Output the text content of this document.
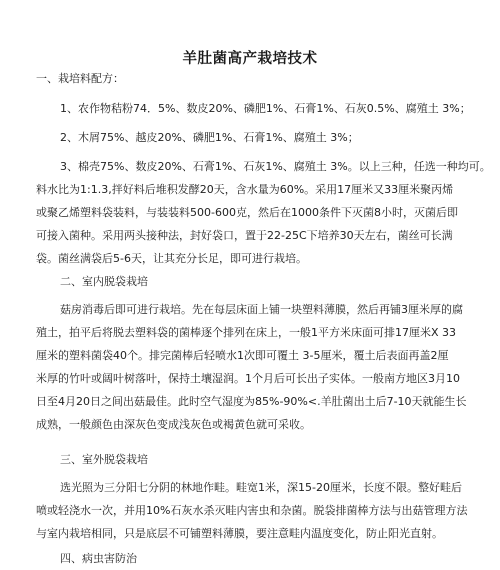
羊肚菌高产栽培技术
一、栽培料配方：
1、农作物秸粉74．5%、数皮20%、磷肥1%、石膏1%、石灰0.5%、腐殖土 3%；
2、木屑75%、越皮20%、磷肥1%、石膏1%、腐殖土 3%；
3、棉壳75%、数皮20%、石膏1%、石灰1%、腐殖土 3%。以上三种，任选一种均可。
料水比为1:1.3,拌好料后堆积发酵20天，含水量为60%。采用17厘米又33厘米聚丙烯
或聚乙烯塑料袋装料，与装装料500-600克，然后在1000条件下灭菌8小时，灭菌后即
可接入菌种。采用两头接种法，封好袋口，置于22-25C下培养30天左右，菌丝可长满
袋。菌丝满袋后5-6天，让其充分长足，即可进行栽培。
二、室内脱袋栽培
菇房消毒后即可进行栽培。先在每层床面上铺一块塑料薄膜，然后再铺3厘米厚的腐
殖土，拍平后将脱去塑料袋的菌棒逐个排列在床上，一般1平方米床面可排17厘米X 33
厘米的塑料菌袋40个。排完菌棒后轻喷水1次即可覆土 3-5厘米，覆土后表面再盖2厘
米厚的竹叶或阔叶树落叶，保持土壤湿润。1个月后可长出子实体。一般南方地区3月10
日至4月20日之间出菇最佳。此时空气湿度为85%-90%<.羊肚菌出土后7-10天就能生长
成熟，一般颜色由深灰色变成浅灰色或褐黄色就可采收。
三、室外脱袋栽培
选光照为三分阳七分阴的林地作畦。畦宽1米，深15-20厘米，长度不限。整好畦后
喷或轻浇水一次，并用10%石灰水杀灭畦内害虫和杂菌。脱袋排菌棒方法与出菇管理方法
与室内栽培相同，只是底层不可铺塑料薄膜，要注意畦内温度变化，防止阳光直射。
四、病虫害防治
